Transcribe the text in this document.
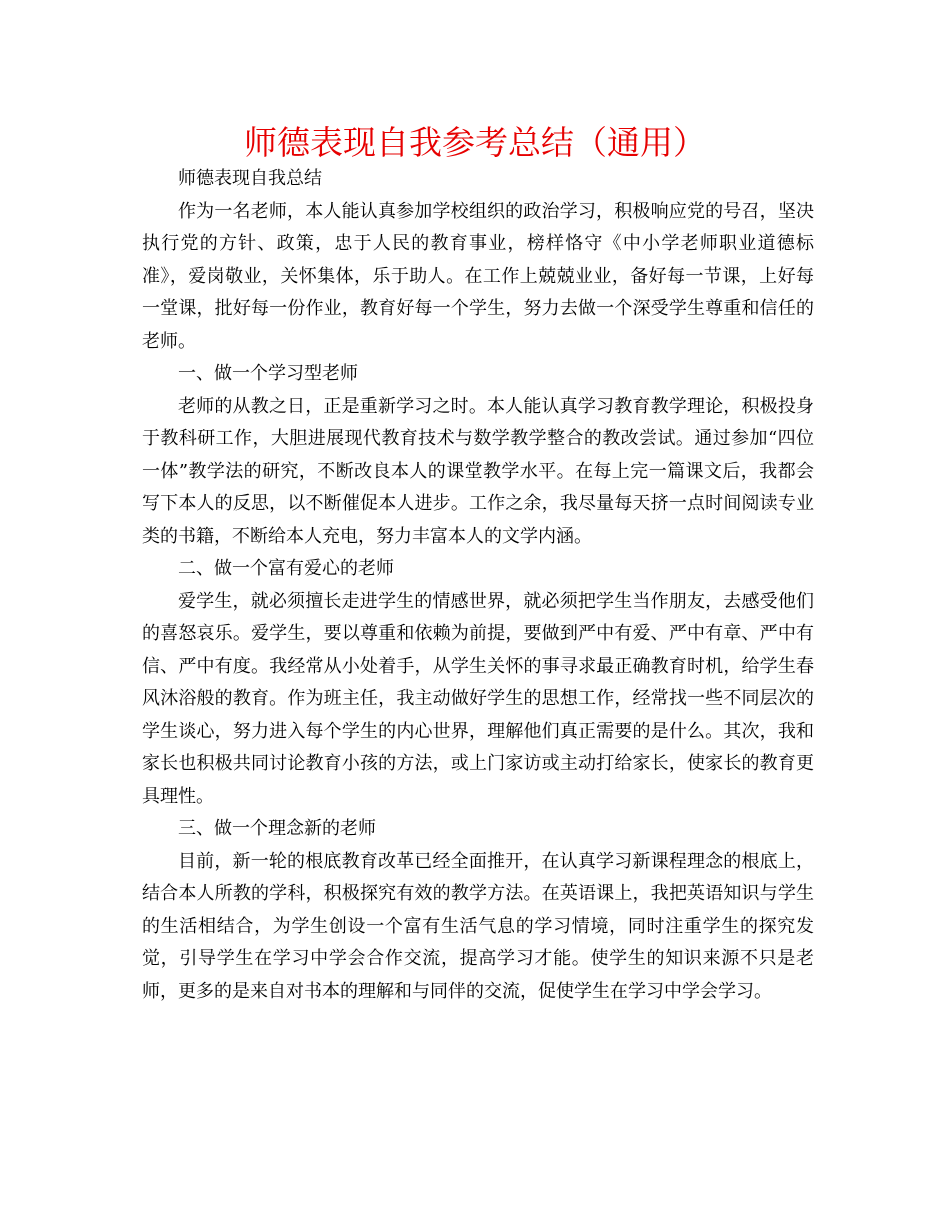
师德表现自我参考总结（通用）

师德表现自我总结

作为一名老师，本人能认真参加学校组织的政治学习，积极响应党的号召，坚决执行党的方针、政策，忠于人民的教育事业，榜样恪守《中小学老师职业道德标准》，爱岗敬业，关怀集体，乐于助人。在工作上兢兢业业，备好每一节课，上好每一堂课，批好每一份作业，教育好每一个学生，努力去做一个深受学生尊重和信任的老师。

一、做一个学习型老师

老师的从教之日，正是重新学习之时。本人能认真学习教育教学理论，积极投身于教科研工作，大胆进展现代教育技术与数学教学整合的教改尝试。通过参加“四位一体”教学法的研究，不断改良本人的课堂教学水平。在每上完一篇课文后，我都会写下本人的反思，以不断催促本人进步。工作之余，我尽量每天挤一点时间阅读专业类的书籍，不断给本人充电，努力丰富本人的文学内涵。

二、做一个富有爱心的老师

爱学生，就必须擅长走进学生的情感世界，就必须把学生当作朋友，去感受他们的喜怒哀乐。爱学生，要以尊重和依赖为前提，要做到严中有爱、严中有章、严中有信、严中有度。我经常从小处着手，从学生关怀的事寻求最正确教育时机，给学生春风沐浴般的教育。作为班主任，我主动做好学生的思想工作，经常找一些不同层次的学生谈心，努力进入每个学生的内心世界，理解他们真正需要的是什么。其次，我和家长也积极共同讨论教育小孩的方法，或上门家访或主动打给家长，使家长的教育更具理性。

三、做一个理念新的老师

目前，新一轮的根底教育改革已经全面推开，在认真学习新课程理念的根底上，结合本人所教的学科，积极探究有效的教学方法。在英语课上，我把英语知识与学生的生活相结合，为学生创设一个富有生活气息的学习情境，同时注重学生的探究发觉，引导学生在学习中学会合作交流，提高学习才能。使学生的知识来源不只是老师，更多的是来自对书本的理解和与同伴的交流，促使学生在学习中学会学习。
